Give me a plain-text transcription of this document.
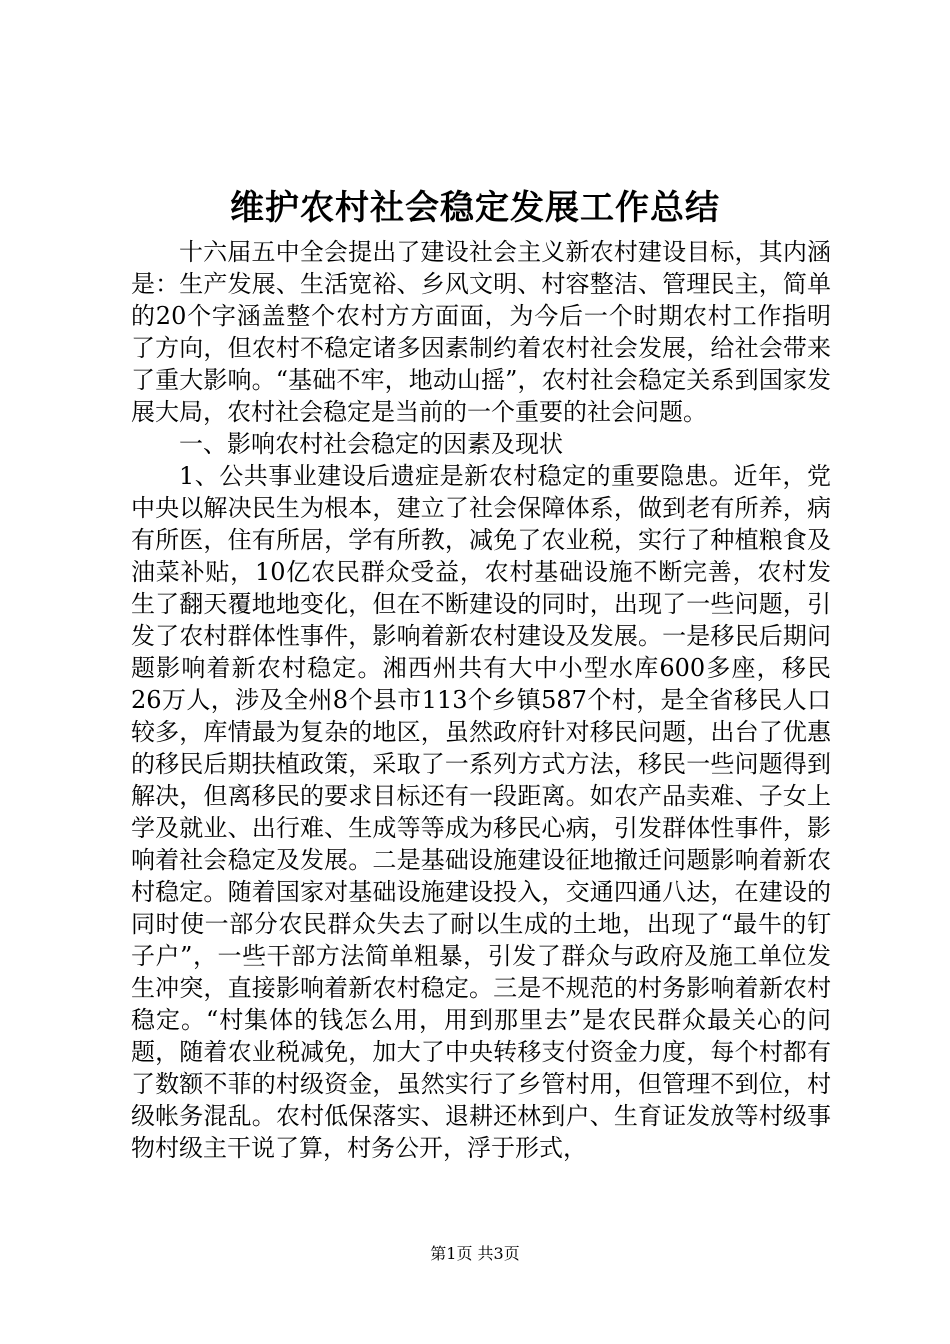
维护农村社会稳定发展工作总结

十六届五中全会提出了建设社会主义新农村建设目标，其内涵是：生产发展、生活宽裕、乡风文明、村容整洁、管理民主，简单的20个字涵盖整个农村方方面面，为今后一个时期农村工作指明了方向，但农村不稳定诸多因素制约着农村社会发展，给社会带来了重大影响。“基础不牢，地动山摇”，农村社会稳定关系到国家发展大局，农村社会稳定是当前的一个重要的社会问题。

一、影响农村社会稳定的因素及现状

1、公共事业建设后遗症是新农村稳定的重要隐患。近年，党中央以解决民生为根本，建立了社会保障体系，做到老有所养，病有所医，住有所居，学有所教，减免了农业税，实行了种植粮食及油菜补贴，10亿农民群众受益，农村基础设施不断完善，农村发生了翻天覆地地变化，但在不断建设的同时，出现了一些问题，引发了农村群体性事件，影响着新农村建设及发展。一是移民后期问题影响着新农村稳定。湘西州共有大中小型水库600多座，移民26万人，涉及全州8个县市113个乡镇587个村，是全省移民人口较多，库情最为复杂的地区，虽然政府针对移民问题，出台了优惠的移民后期扶植政策，采取了一系列方式方法，移民一些问题得到解决，但离移民的要求目标还有一段距离。如农产品卖难、子女上学及就业、出行难、生成等等成为移民心病，引发群体性事件，影响着社会稳定及发展。二是基础设施建设征地撤迁问题影响着新农村稳定。随着国家对基础设施建设投入，交通四通八达，在建设的同时使一部分农民群众失去了耐以生成的土地，出现了“最牛的钉子户”，一些干部方法简单粗暴，引发了群众与政府及施工单位发生冲突，直接影响着新农村稳定。三是不规范的村务影响着新农村稳定。“村集体的钱怎么用，用到那里去”是农民群众最关心的问题，随着农业税减免，加大了中央转移支付资金力度，每个村都有了数额不菲的村级资金，虽然实行了乡管村用，但管理不到位，村级帐务混乱。农村低保落实、退耕还林到户、生育证发放等村级事物村级主干说了算，村务公开，浮于形式，

第1页 共3页
